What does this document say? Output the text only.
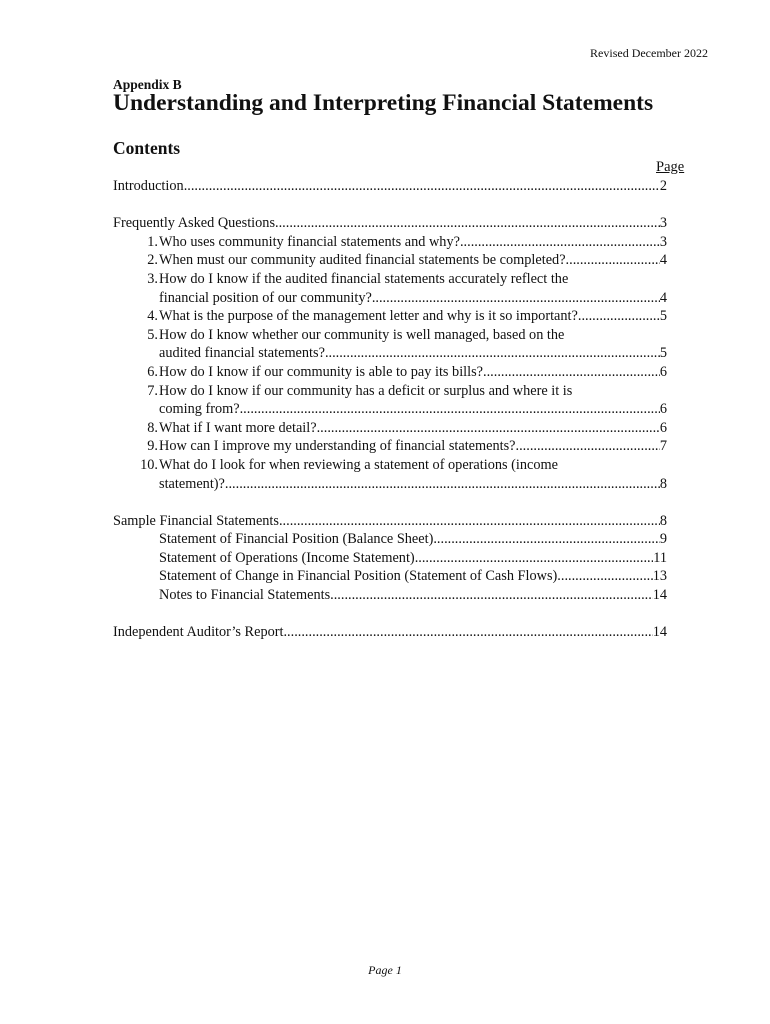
Revised December 2022
Appendix B
Understanding and Interpreting Financial Statements
Contents
Page
Introduction .....	2
Frequently Asked Questions .....	3
1. Who uses community financial statements and why? .....	3
2. When must our community audited financial statements be completed? .....	4
3. How do I know if the audited financial statements accurately reflect the
financial position of our community? .....	4
4. What is the purpose of the management letter and why is it so important? .....	5
5. How do I know whether our community is well managed, based on the
audited financial statements? .....	5
6. How do I know if our community is able to pay its bills? .....	6
7. How do I know if our community has a deficit or surplus and where it is
coming from? .....	6
8. What if I want more detail? .....	6
9. How can I improve my understanding of financial statements? .....	7
10. What do I look for when reviewing a statement of operations (income
statement)? .....	8
Sample Financial Statements .....	8
Statement of Financial Position (Balance Sheet) .....	9
Statement of Operations (Income Statement) .....	11
Statement of Change in Financial Position (Statement of Cash Flows) .....	13
Notes to Financial Statements .....	14
Independent Auditor’s Report .....	14
Page 1
